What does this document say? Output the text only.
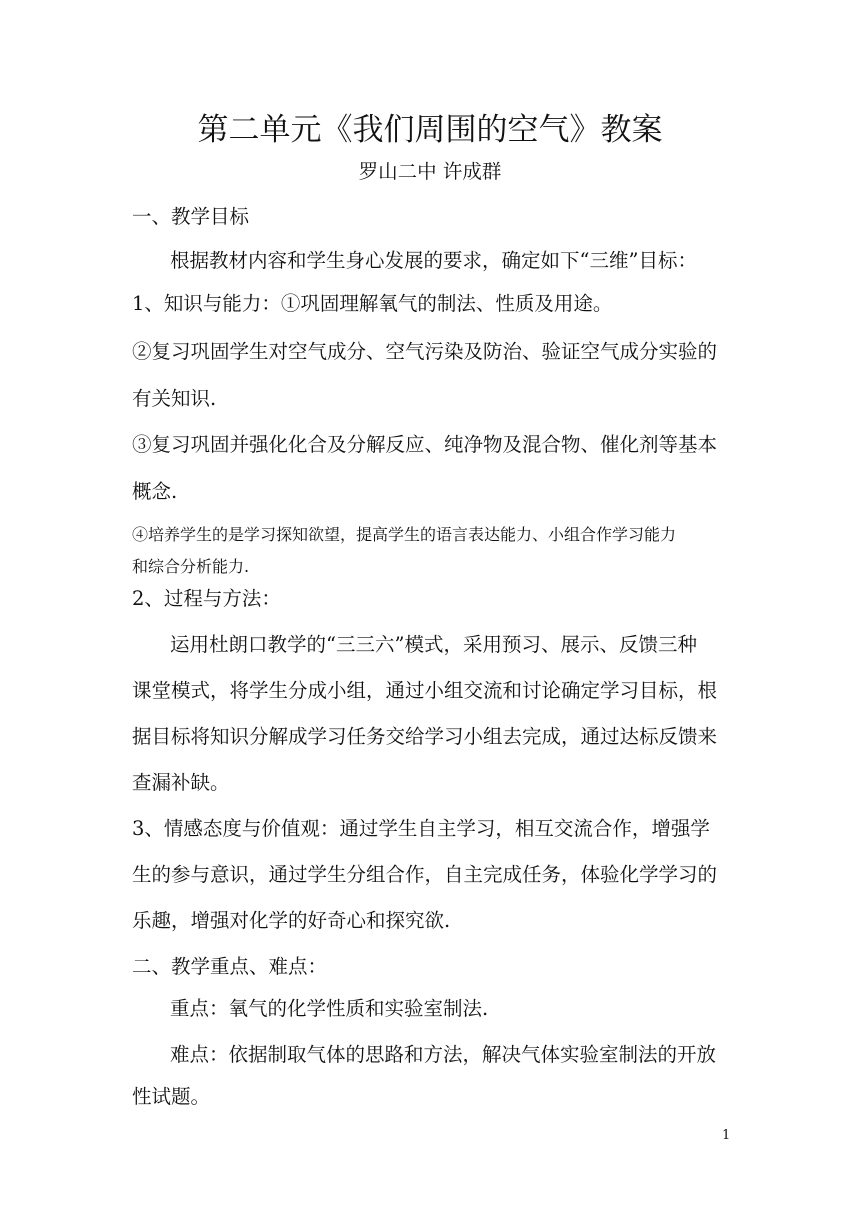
第二单元《我们周围的空气》教案
罗山二中 许成群
一、教学目标
根据教材内容和学生身心发展的要求，确定如下“三维”目标：
1、知识与能力：①巩固理解氧气的制法、性质及用途。
②复习巩固学生对空气成分、空气污染及防治、验证空气成分实验的
有关知识.
③复习巩固并强化化合及分解反应、纯净物及混合物、催化剂等基本
概念.
④培养学生的是学习探知欲望，提高学生的语言表达能力、小组合作学习能力
和综合分析能力.
2、过程与方法：
运用杜朗口教学的“三三六”模式，采用预习、展示、反馈三种
课堂模式，将学生分成小组，通过小组交流和讨论确定学习目标，根
据目标将知识分解成学习任务交给学习小组去完成，通过达标反馈来
查漏补缺。
3、情感态度与价值观：通过学生自主学习，相互交流合作，增强学
生的参与意识，通过学生分组合作，自主完成任务，体验化学学习的
乐趣，增强对化学的好奇心和探究欲.
二、教学重点、难点：
重点：氧气的化学性质和实验室制法.
难点：依据制取气体的思路和方法，解决气体实验室制法的开放
性试题。
1
